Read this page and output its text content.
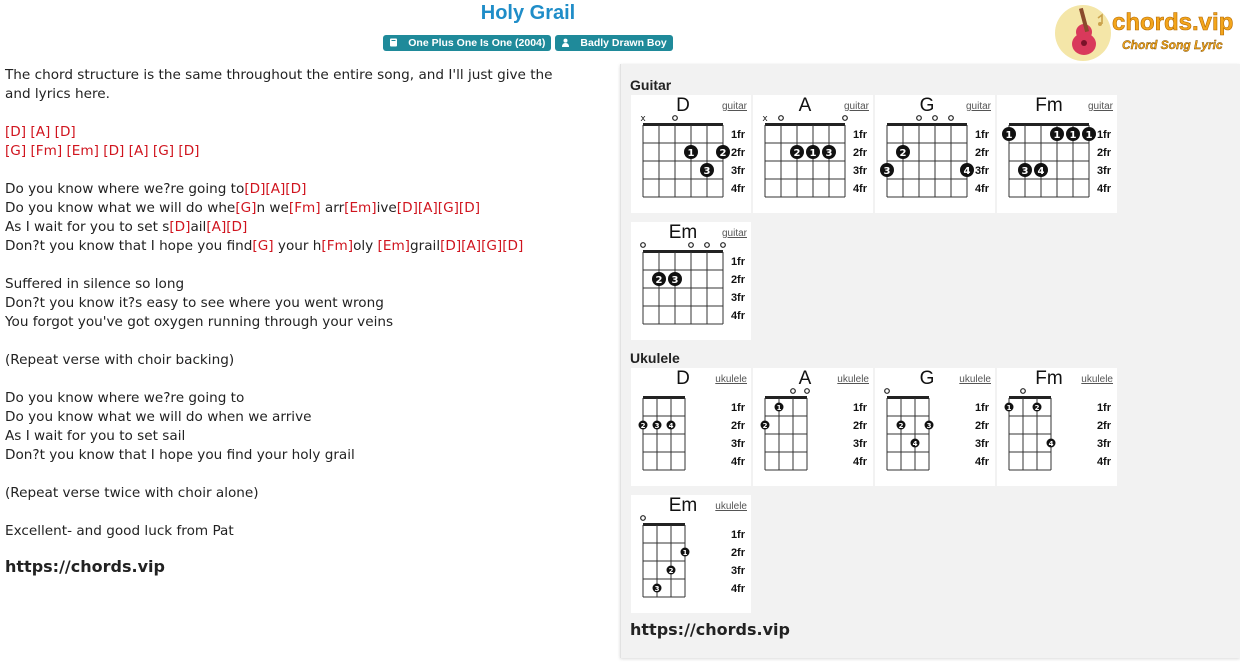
Holy Grail
One Plus One Is One (2004)	Badly Drawn Boy
chords.vip
Chord Song Lyric
The chord structure is the same throughout the entire song, and I'll just give the and lyrics here.
[D] [A] [D]
[G] [Fm] [Em] [D] [A] [G] [D]
Do you know where we?re going to[D][A][D]
Do you know what we will do whe[G]n we[Fm] arr[Em]ive[D][A][G][D]
As I wait for you to set s[D]ail[A][D]
Don?t you know that I hope you find[G] your h[Fm]oly [Em]grail[D][A][G][D]
Suffered in silence so long
Don?t you know it?s easy to see where you went wrong
You forgot you've got oxygen running through your veins
(Repeat verse with choir backing)
Do you know where we?re going to
Do you know what we will do when we arrive
As I wait for you to set sail
Don?t you know that I hope you find your holy grail
(Repeat verse twice with choir alone)
Excellent- and good luck from Pat
https://chords.vip
Guitar
1fr
2fr
3fr
4fr
x
1	2
3
D	guitar
1fr
2fr
3fr
4fr
x
2 1 3
A	guitar
1fr
2fr
3fr
4fr
2
3	4
G	guitar
1fr
2fr
3fr
4fr
1	1 1 1
3 4
Fm	guitar
1fr
2fr
3fr
4fr
2 3
Em	guitar
Ukulele
1fr
2fr
3fr
4fr
2 3 4
D	ukulele
1fr
2fr
3fr
4fr
2
1
A	ukulele
1fr
2fr
3fr
4fr
2	3
4
G	ukulele
1fr
2fr
3fr
4fr
1	2
4
Fm	ukulele
1fr
2fr
3fr
4fr
1
2
3
Em	ukulele
https://chords.vip
